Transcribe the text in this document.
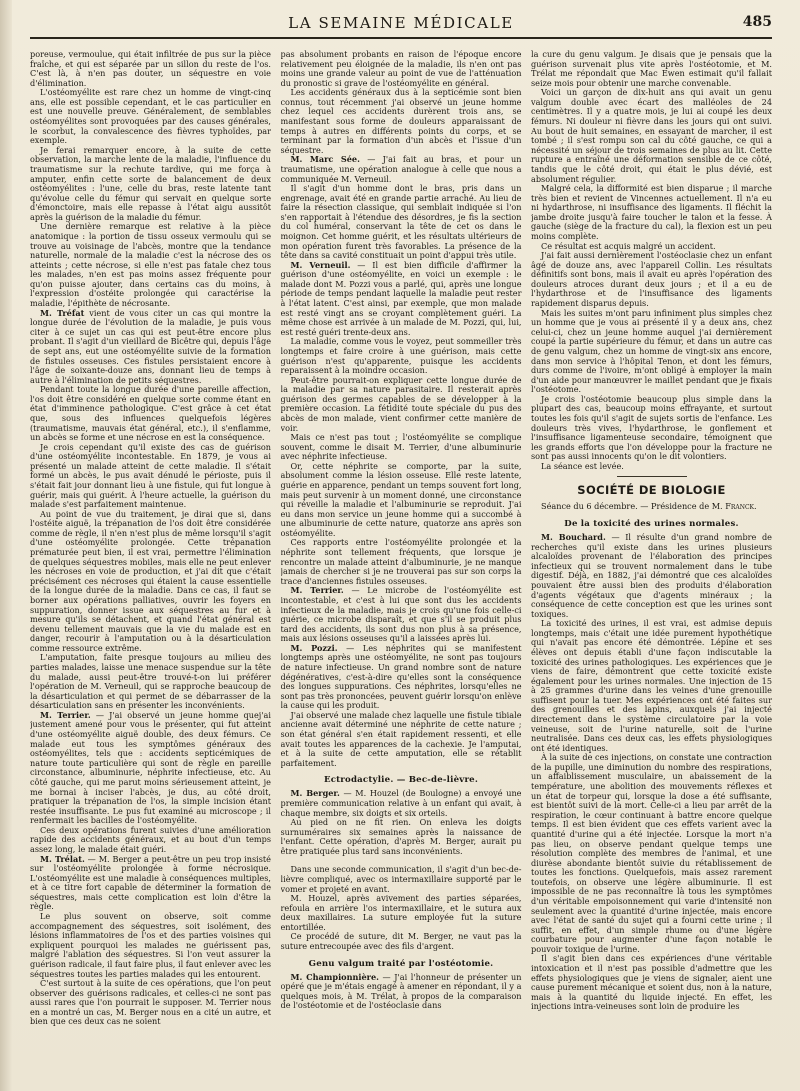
LA SEMAINE MÉDICALE	485

poreuse, vermoulue, qui était infiltrée de pus sur la pièce fraîche, et qui est séparée par un sillon du reste de l'os. C'est là, à n'en pas douter, un séquestre en voie d'élimination.

L'ostéomyélite est rare chez un homme de vingt-cinq ans, elle est possible cependant, et le cas particulier en est une nouvelle preuve. Généralement, de semblables ostéomyélites sont provoquées par des causes générales, le scorbut, la convalescence des fièvres typhoïdes, par exemple.

Je ferai remarquer encore, à la suite de cette observation, la marche lente de la maladie, l'influence du traumatisme sur la rechute tardive, qui me força à amputer, enfin cette sorte de balancement de deux ostéomyélites : l'une, celle du bras, reste latente tant qu'évolue celle du fémur qui servait en quelque sorte d'émonctoire, mais elle repasse à l'état aigu aussitôt après la guérison de la maladie du fémur.

Une dernière remarque est relative à la pièce anatomique : la portion de tissu osseux vermoulu qui se trouve au voisinage de l'abcès, montre que la tendance naturelle, normale de la maladie c'est la nécrose des os atteints ; cette nécrose, si elle n'est pas fatale chez tous les malades, n'en est pas moins assez fréquente pour qu'on puisse ajouter, dans certains cas du moins, à l'expression d'ostéite prolongée qui caractérise la maladie, l'épithète de nécrosante.

M. Tréfat vient de vous citer un cas qui montre la longue durée de l'évolution de la maladie, je puis vous citer à ce sujet un cas qui est peut-être encore plus probant. Il s'agit d'un vieillard de Bicêtre qui, depuis l'âge de sept ans, eut une ostéomyélite suivie de la formation de fistules osseuses. Ces fistules persistaient encore à l'âge de soixante-douze ans, donnant lieu de temps à autre à l'élimination de petits séquestres.

Pendant toute la longue durée d'une pareille affection, l'os doit être considéré en quelque sorte comme étant en état d'imminence pathologique. C'est grâce à cet état que, sous des influences quelquefois légères (traumatisme, mauvais état général, etc.), il s'enflamme, un abcès se forme et une nécrose en est la conséquence.

Je crois cependant qu'il existe des cas de guérison d'une ostéomyélite incontestable. En 1879, je vous ai présenté un malade atteint de cette maladie. Il s'était formé un abcès, le pus avait dénudé le périoste, puis il s'était fait jour donnant lieu à une fistule, qui fut longue à guérir, mais qui guérit. À l'heure actuelle, la guérison du malade s'est parfaitement maintenue.

Au point de vue du traitement, je dirai que si, dans l'ostéite aiguë, la trépanation de l'os doit être considérée comme de règle, il n'en n'est plus de même lorsqu'il s'agit d'une ostéomyélite prolongée. Cette trépanation prématurée peut bien, il est vrai, permettre l'élimination de quelques séquestres mobiles, mais elle ne peut enlever les nécroses en voie de production, et j'ai dit que c'était précisément ces nécroses qui étaient la cause essentielle de la longue durée de la maladie. Dans ce cas, il faut se borner aux opérations palliatives, ouvrir les foyers en suppuration, donner issue aux séquestres au fur et à mesure qu'ils se détachent, et quand l'état général est devenu tellement mauvais que la vie du malade est en danger, recourir à l'amputation ou à la désarticulation comme ressource extrême.

L'amputation, faite presque toujours au milieu des parties malades, laisse une menace suspendue sur la tête du malade, aussi peut-être trouvé-t-on lui préférer l'opération de M. Verneuil, qui se rapproche beaucoup de la désarticulation et qui permet de se débarrasser de la désarticulation sans en présenter les inconvénients.

M. Terrier. — J'ai observé un jeune homme quej'ai justement amené pour vous le présenter, qui fut atteint d'une ostéomyélite aiguë double, des deux fémurs. Ce malade eut tous les symptômes généraux des ostéomyélites, tels que : accidents septicémiques de nature toute particulière qui sont de règle en pareille circonstance, albuminurie, néphrite infectieuse, etc. Au côté gauche, qui me parut moins sérieusement atteint, je me bornai à inciser l'abcès, je dus, au côté droit, pratiquer la trépanation de l'os, la simple incision étant restée insuffisante. Le pus fut examiné au microscope ; il renfermait les bacilles de l'ostéomyélite.

Ces deux opérations furent suivies d'une amélioration rapide des accidents généraux, et au bout d'un temps assez long, le malade était guéri.

M. Trélat. — M. Berger a peut-être un peu trop insisté sur l'ostéomyélite prolongée à forme nécrosique. L'ostéomyélite est une maladie à conséquences multiples, et à ce titre fort capable de déterminer la formation de séquestres, mais cette complication est loin d'être la règle.

Le plus souvent on observe, soit comme accompagnement des séquestres, soit isolément, des lésions inflammatoires de l'os et des parties voisines qui expliquent pourquoi les malades ne guérissent pas, malgré l'ablation des séquestres. Si l'on veut assurer la guérison radicale, il faut faire plus, il faut enlever avec les séquestres toutes les parties malades qui les entourent.

C'est surtout à la suite de ces opérations, que l'on peut observer des guérisons radicales, et celles-ci ne sont pas aussi rares que l'on pourrait le supposer. M. Terrier nous en a montré un cas, M. Berger nous en a cité un autre, et bien que ces deux cas ne soient

pas absolument probants en raison de l'époque encore relativement peu éloignée de la maladie, ils n'en ont pas moins une grande valeur au point de vue de l'atténuation du pronostic si grave de l'ostéomyélite en général.

Les accidents généraux dus à la septicémie sont bien connus, tout récemment j'ai observé un jeune homme chez lequel ces accidents durèrent trois ans, se manifestant sous forme de douleurs apparaissant de temps à autres en différents points du corps, et se terminant par la formation d'un abcès et l'issue d'un séquestre.

M. Marc Sée. — J'ai fait au bras, et pour un traumatisme, une opération analogue à celle que nous a communiquée M. Verneuil.

Il s'agit d'un homme dont le bras, pris dans un engrenage, avait été en grande partie arraché. Au lieu de faire la résection classique, qui semblait indiquée si l'on s'en rapportait à l'étendue des désordres, je fis la section du col huméral, conservant la tête de cet os dans le moignon. Cet homme guérit, et les résultats ultérieurs de mon opération furent très favorables. La présence de la tête dans sa cavité constituait un point d'appui très utile.

M. Verneuil. — Il est bien difficile d'affirmer la guérison d'une ostéomyélite, en voici un exemple : le malade dont M. Pozzi vous a parlé, qui, après une longue période de temps pendant laquelle la maladie peut rester à l'état latent. C'est ainsi, par exemple, que mon malade est resté vingt ans se croyant complètement guéri. La même chose est arrivée à un malade de M. Pozzi, qui, lui, est resté guéri trente-deux ans.

La maladie, comme vous le voyez, peut sommeiller très longtemps et faire croire à une guérison, mais cette guérison n'est qu'apparente, puisque les accidents reparaissent à la moindre occasion.

Peut-être pourrait-on expliquer cette longue durée de la maladie par sa nature parasitaire. Il resterait après guérison des germes capables de se développer à la première occasion. La fétidité toute spéciale du pus des abcès de mon malade, vient confirmer cette manière de voir.

Mais ce n'est pas tout ; l'ostéomyélite se complique souvent, comme le disait M. Terrier, d'une albuminurie avec néphrite infectieuse.

Or, cette néphrite se comporte, par la suite, absolument comme la lésion osseuse. Elle reste latente, guérie en apparence, pendant un temps souvent fort long, mais peut survenir à un moment donné, une circonstance qui réveille la maladie et l'albuminurie se reproduit. J'ai eu dans mon service un jeune homme qui a succombé à une albuminurie de cette nature, quatorze ans après son ostéomyélite.

Ces rapports entre l'ostéomyélite prolongée et la néphrite sont tellement fréquents, que lorsque je rencontre un malade atteint d'albuminurie, je ne manque jamais de chercher si je ne trouverai pas sur son corps la trace d'anciennes fistules osseuses.

M. Terrier. — Le microbe de l'ostéomyélite est incontestable, et c'est à lui que sont dus les accidents infectieux de la maladie, mais je crois qu'une fois celle-ci guérie, ce microbe disparaît, et que s'il se produit plus tard des accidents, ils sont dus non plus à sa présence, mais aux lésions osseuses qu'il a laissées après lui.

M. Pozzi. — Les néphrites qui se manifestent longtemps après une ostéomyélite, ne sont pas toujours de nature infectieuse. Un grand nombre sont de nature dégénératives, c'est-à-dire qu'elles sont la conséquence des longues suppurations. Ces néphrites, lorsqu'elles ne sont pas très prononcées, peuvent guérir lorsqu'on enlève la cause qui les produit.

J'ai observé une malade chez laquelle une fistule tibiale ancienne avait déterminé une néphrite de cette nature ; son état général s'en était rapidement ressenti, et elle avait toutes les apparences de la cachexie. Je l'amputai, et à la suite de cette amputation, elle se rétablit parfaitement.

Ectrodactylie. — Bec-de-lièvre.

M. Berger. — M. Houzel (de Boulogne) a envoyé une première communication relative à un enfant qui avait, à chaque membre, six doigts et six orteils.

Au pied on ne fit rien. On enleva les doigts surnuméraires six semaines après la naissance de l'enfant. Cette opération, d'après M. Berger, aurait pu être pratiquée plus tard sans inconvénients.

Dans une seconde communication, il s'agit d'un bec-de-lièvre compliqué, avec os intermaxillaire supporté par le vomer et projeté en avant.

M. Houzel, après avivement des parties séparées, refoula en arrière l'os intermaxillaire, et le sutura aux deux maxillaires. La suture employée fut la suture entortillée.

Ce procédé de suture, dit M. Berger, ne vaut pas la suture entrecoupée avec des fils d'argent.

Genu valgum traité par l'ostéotomie.

M. Championnière. — J'ai l'honneur de présenter un opéré que je m'étais engagé à amener en répondant, il y a quelques mois, à M. Trélat, à propos de la comparaison de l'ostéotomie et de l'ostéoclasie dans

la cure du genu valgum. Je disais que je pensais que la guérison survenait plus vite après l'ostéotomie, et M. Trélat me répondait que Mac Ewen estimait qu'il fallait seize mois pour obtenir une marche convenable.

Voici un garçon de dix-huit ans qui avait un genu valgum double avec écart des malléoles de 24 centimètres. Il y a quatre mois, je lui ai coupé les deux fémurs. Ni douleur ni fièvre dans les jours qui ont suivi. Au bout de huit semaines, en essayant de marcher, il est tombé ; il s'est rompu son cal du côté gauche, ce qui a nécessité un séjour de trois semaines de plus au lit. Cette rupture a entraîné une déformation sensible de ce côté, tandis que le côté droit, qui était le plus dévié, est absolument régulier.

Malgré cela, la difformité est bien disparue ; il marche très bien et revient de Vincennes actuellement. Il n'a eu ni hydarthrose, ni insuffisance des ligaments. Il fléchit la jambe droite jusqu'à faire toucher le talon et la fesse. À gauche (siège de la fracture du cal), la flexion est un peu moins complète.

Ce résultat est acquis malgré un accident.

J'ai fait aussi dernièrement l'ostéoclasie chez un enfant âgé de douze ans, avec l'appareil Collin. Les résultats définitifs sont bons, mais il avait eu après l'opération des douleurs atroces durant deux jours ; et il a eu de l'hydarthrose et de l'insuffisance des ligaments rapidement disparus depuis.

Mais les suites m'ont paru infiniment plus simples chez un homme que je vous ai présenté il y a deux ans, chez celui-ci, chez un jeune homme auquel j'ai dernièrement coupé la partie supérieure du fémur, et dans un autre cas de genu valgum, chez un homme de vingt-six ans encore, dans mon service à l'hôpital Tenon, et dont les fémurs, durs comme de l'ivoire, m'ont obligé à employer la main d'un aide pour manœuvrer le maillet pendant que je fixais l'ostéotome.

Je crois l'ostéotomie beaucoup plus simple dans la plupart des cas, beaucoup moins effrayante, et surtout toutes les fois qu'il s'agit de sujets sortis de l'enfance. Les douleurs très vives, l'hydarthrose, le gonflement et l'insuffisance ligamenteuse secondaire, témoignent que les grands efforts que l'on développe pour la fracture ne sont pas aussi innocents qu'on le dit volontiers.

La séance est levée.

SOCIÉTÉ DE BIOLOGIE
Séance du 6 décembre. — Présidence de M. Franck.
De la toxicité des urines normales.

M. Bouchard. — Il résulte d'un grand nombre de recherches qu'il existe dans les urines plusieurs alcaloïdes provenant de l'élaboration des principes infectieux qui se trouvent normalement dans le tube digestif. Déjà, en 1882, j'ai démontré que ces alcaloïdes pouvaient être aussi bien des produits d'élaboration d'agents végétaux que d'agents minéraux ; la conséquence de cette conception est que les urines sont toxiques.

La toxicité des urines, il est vrai, est admise depuis longtemps, mais c'était une idée purement hypothétique qui n'avait pas encore été démontrée. Lépine et ses élèves ont depuis établi d'une façon indiscutable la toxicité des urines pathologiques. Les expériences que je viens de faire, démontrent que cette toxicité existe également pour les urines normales. Une injection de 15 à 25 grammes d'urine dans les veines d'une grenouille suffisent pour la tuer. Mes expériences ont été faites sur des grenouilles et des lapins, auxquels j'ai injecté directement dans le système circulatoire par la voie veineuse, soit de l'urine naturelle, soit de l'urine neutralisée. Dans ces deux cas, les effets physiologiques ont été identiques.

À la suite de ces injections, on constate une contraction de la pupille, une diminution du nombre des respirations, un affaiblissement musculaire, un abaissement de la température, une abolition des mouvements réflexes et un état de torpeur qui, lorsque la dose a été suffisante, est bientôt suivi de la mort. Celle-ci a lieu par arrêt de la respiration, le cœur continuant à battre encore quelque temps. Il est bien évident que ces effets varient avec la quantité d'urine qui a été injectée. Lorsque la mort n'a pas lieu, on observe pendant quelque temps une résolution complète des membres de l'animal, et une diurèse abondante bientôt suivie du rétablissement de toutes les fonctions. Quelquefois, mais assez rarement toutefois, on observe une légère albuminurie. Il est impossible de ne pas reconnaître là tous les symptômes d'un véritable empoisonnement qui varie d'intensité non seulement avec la quantité d'urine injectée, mais encore avec l'état de santé du sujet qui a fourni cette urine ; il suffit, en effet, d'un simple rhume ou d'une légère courbature pour augmenter d'une façon notable le pouvoir toxique de l'urine.

Il s'agit bien dans ces expériences d'une véritable intoxication et il n'est pas possible d'admettre que les effets physiologiques que je viens de signaler, aient une cause purement mécanique et soient dus, non à la nature, mais à la quantité du liquide injecté. En effet, les injections intra-veineuses sont loin de produire les
